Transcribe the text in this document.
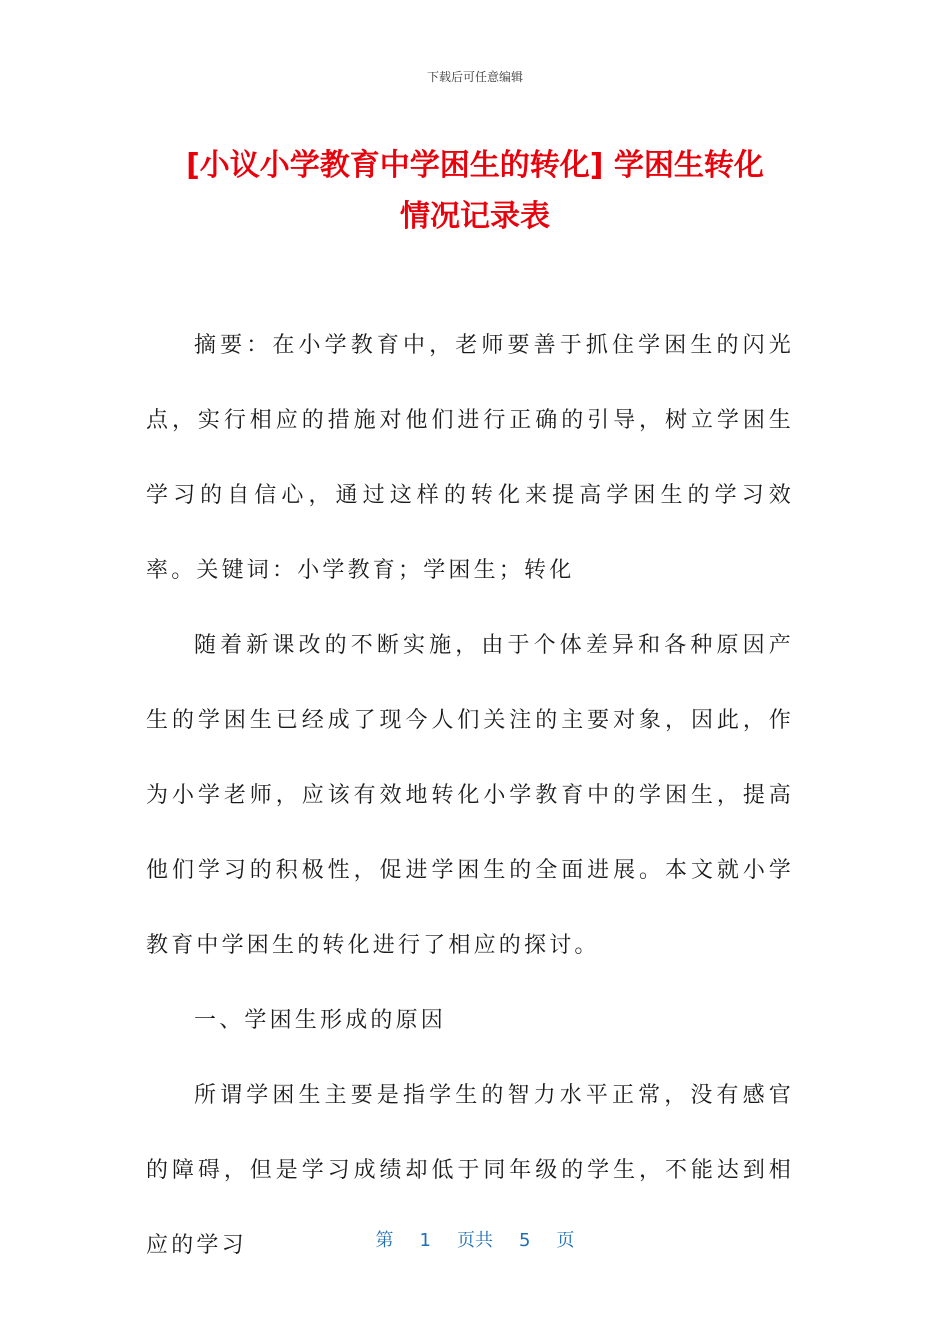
下载后可任意编辑
[小议小学教育中学困生的转化] 学困生转化
情况记录表

摘要：在小学教育中，老师要善于抓住学困生的闪光点，实行相应的措施对他们进行正确的引导，树立学困生学习的自信心，通过这样的转化来提高学困生的学习效率。关键词：小学教育；学困生；转化

随着新课改的不断实施，由于个体差异和各种原因产生的学困生已经成了现今人们关注的主要对象，因此，作为小学老师，应该有效地转化小学教育中的学困生，提高他们学习的积极性，促进学困生的全面进展。本文就小学教育中学困生的转化进行了相应的探讨。

一、学困生形成的原因

所谓学困生主要是指学生的智力水平正常，没有感官的障碍，但是学习成绩却低于同年级的学生，不能达到相应的学习	第 1 页共 5 页
